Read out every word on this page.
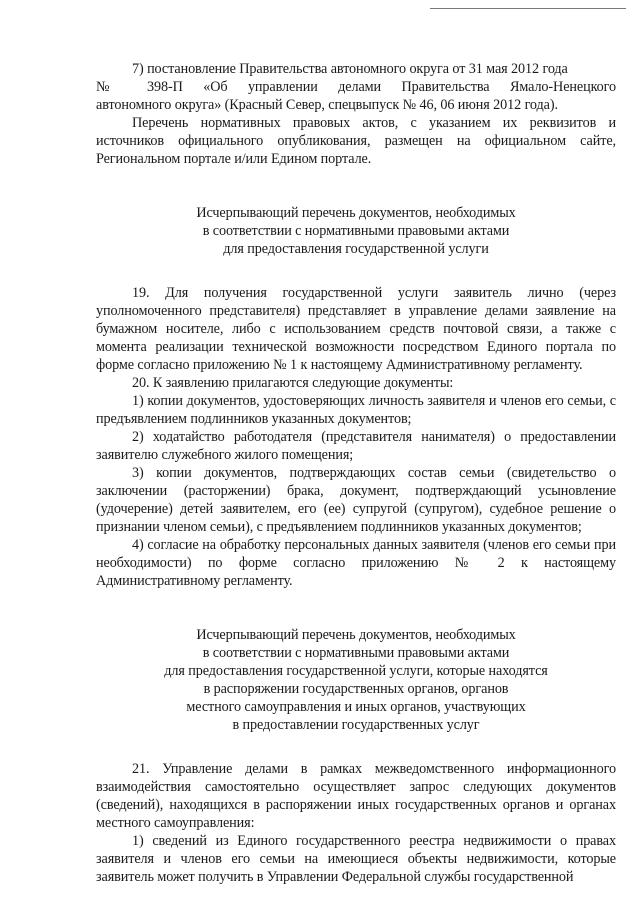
7) постановление Правительства автономного округа от 31 мая 2012 года

№ 398-П «Об управлении делами Правительства Ямало-Ненецкого

автономного округа» (Красный Север, спецвыпуск № 46, 06 июня 2012 года).

Перечень нормативных правовых актов, с указанием их реквизитов и источников официального опубликования, размещен на официальном сайте, Региональном портале и/или Едином портале.

Исчерпывающий перечень документов, необходимых

в соответствии с нормативными правовыми актами

для предоставления государственной услуги

19. Для получения государственной услуги заявитель лично (через уполномоченного представителя) представляет в управление делами заявление на бумажном носителе, либо с использованием средств почтовой связи, а также с момента реализации технической возможности посредством Единого портала по форме согласно приложению № 1 к настоящему Административному регламенту.

20. К заявлению прилагаются следующие документы:

1) копии документов, удостоверяющих личность заявителя и членов его семьи, с предъявлением подлинников указанных документов;

2) ходатайство работодателя (представителя нанимателя) о предоставлении заявителю служебного жилого помещения;

3) копии документов, подтверждающих состав семьи (свидетельство о заключении (расторжении) брака, документ, подтверждающий усыновление (удочерение) детей заявителем, его (ее) супругой (супругом), судебное решение о признании членом семьи), с предъявлением подлинников указанных документов;

4) согласие на обработку персональных данных заявителя (членов его семьи при необходимости) по форме согласно приложению № 2 к настоящему Административному регламенту.

Исчерпывающий перечень документов, необходимых

в соответствии с нормативными правовыми актами

для предоставления государственной услуги, которые находятся

в распоряжении государственных органов, органов

местного самоуправления и иных органов, участвующих

в предоставлении государственных услуг

21. Управление делами в рамках межведомственного информационного взаимодействия самостоятельно осуществляет запрос следующих документов (сведений), находящихся в распоряжении иных государственных органов и органах местного самоуправления:

1) сведений из Единого государственного реестра недвижимости о правах заявителя и членов его семьи на имеющиеся объекты недвижимости, которые заявитель может получить в Управлении Федеральной службы государственной
